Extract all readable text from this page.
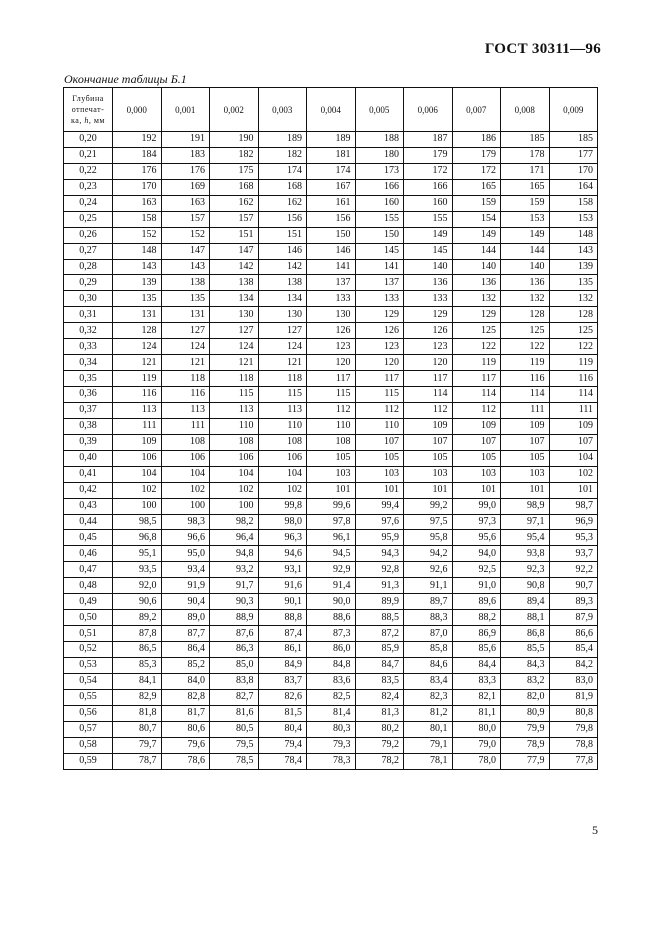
ГОСТ 30311—96
Окончание таблицы Б.1
Глубина
отпечат-
ка, h, мм	0,000	0,001	0,002	0,003	0,004	0,005	0,006	0,007	0,008	0,009
0,20	192	191	190	189	189	188	187	186	185	185
0,21	184	183	182	182	181	180	179	179	178	177
0,22	176	176	175	174	174	173	172	172	171	170
0,23	170	169	168	168	167	166	166	165	165	164
0,24	163	163	162	162	161	160	160	159	159	158
0,25	158	157	157	156	156	155	155	154	153	153
0,26	152	152	151	151	150	150	149	149	149	148
0,27	148	147	147	146	146	145	145	144	144	143
0,28	143	143	142	142	141	141	140	140	140	139
0,29	139	138	138	138	137	137	136	136	136	135
0,30	135	135	134	134	133	133	133	132	132	132
0,31	131	131	130	130	130	129	129	129	128	128
0,32	128	127	127	127	126	126	126	125	125	125
0,33	124	124	124	124	123	123	123	122	122	122
0,34	121	121	121	121	120	120	120	119	119	119
0,35	119	118	118	118	117	117	117	117	116	116
0,36	116	116	115	115	115	115	114	114	114	114
0,37	113	113	113	113	112	112	112	112	111	111
0,38	111	111	110	110	110	110	109	109	109	109
0,39	109	108	108	108	108	107	107	107	107	107
0,40	106	106	106	106	105	105	105	105	105	104
0,41	104	104	104	104	103	103	103	103	103	102
0,42	102	102	102	102	101	101	101	101	101	101
0,43	100	100	100	99,8	99,6	99,4	99,2	99,0	98,9	98,7
0,44	98,5	98,3	98,2	98,0	97,8	97,6	97,5	97,3	97,1	96,9
0,45	96,8	96,6	96,4	96,3	96,1	95,9	95,8	95,6	95,4	95,3
0,46	95,1	95,0	94,8	94,6	94,5	94,3	94,2	94,0	93,8	93,7
0,47	93,5	93,4	93,2	93,1	92,9	92,8	92,6	92,5	92,3	92,2
0,48	92,0	91,9	91,7	91,6	91,4	91,3	91,1	91,0	90,8	90,7
0,49	90,6	90,4	90,3	90,1	90,0	89,9	89,7	89,6	89,4	89,3
0,50	89,2	89,0	88,9	88,8	88,6	88,5	88,3	88,2	88,1	87,9
0,51	87,8	87,7	87,6	87,4	87,3	87,2	87,0	86,9	86,8	86,6
0,52	86,5	86,4	86,3	86,1	86,0	85,9	85,8	85,6	85,5	85,4
0,53	85,3	85,2	85,0	84,9	84,8	84,7	84,6	84,4	84,3	84,2
0,54	84,1	84,0	83,8	83,7	83,6	83,5	83,4	83,3	83,2	83,0
0,55	82,9	82,8	82,7	82,6	82,5	82,4	82,3	82,1	82,0	81,9
0,56	81,8	81,7	81,6	81,5	81,4	81,3	81,2	81,1	80,9	80,8
0,57	80,7	80,6	80,5	80,4	80,3	80,2	80,1	80,0	79,9	79,8
0,58	79,7	79,6	79,5	79,4	79,3	79,2	79,1	79,0	78,9	78,8
0,59	78,7	78,6	78,5	78,4	78,3	78,2	78,1	78,0	77,9	77,8
5
